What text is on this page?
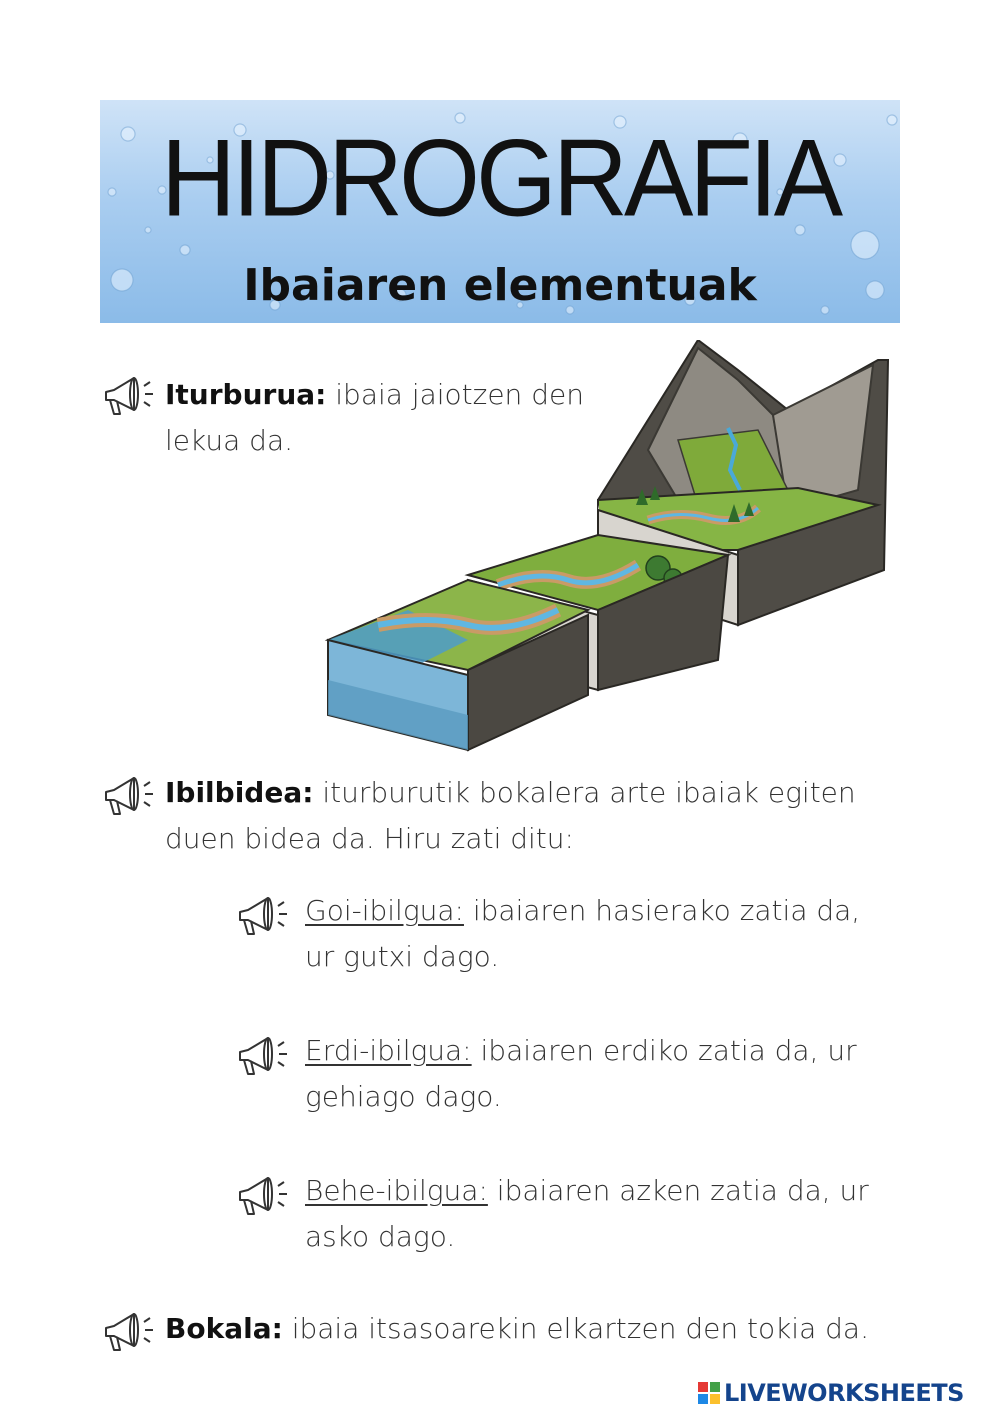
HIDROGRAFIA
Ibaiaren elementuak
Iturburua: ibaia jaiotzen den
lekua da.
Ibilbidea: iturburutik bokalera arte ibaiak egiten
duen bidea da. Hiru zati ditu:
Goi-ibilgua: ibaiaren hasierako zatia da,
ur gutxi dago.
Erdi-ibilgua: ibaiaren erdiko zatia da, ur
gehiago dago.
Behe-ibilgua: ibaiaren azken zatia da, ur
asko dago.
Bokala: ibaia itsasoarekin elkartzen den tokia da.
LIVEWORKSHEETS
